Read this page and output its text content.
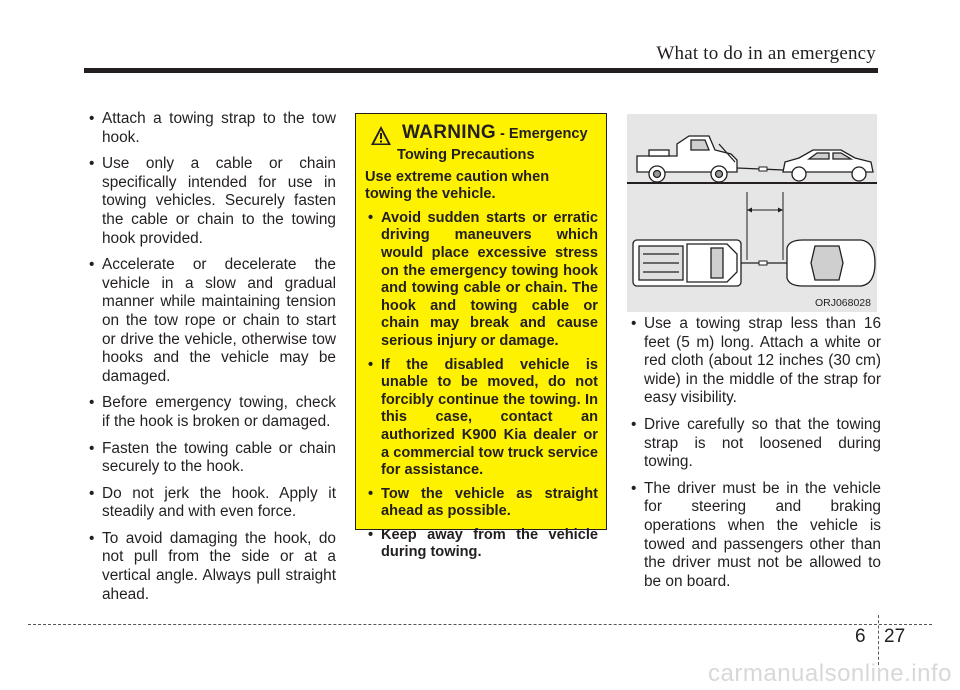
What to do in an emergency
• Attach a towing strap to the tow hook.
• Use only a cable or chain specifically intended for use in towing vehicles. Securely fasten the cable or chain to the towing hook provided.
• Accelerate or decelerate the vehicle in a slow and gradual manner while maintaining tension on the tow rope or chain to start or drive the vehicle, otherwise tow hooks and the vehicle may be damaged.
• Before emergency towing, check if the hook is broken or damaged.
• Fasten the towing cable or chain securely to the hook.
• Do not jerk the hook. Apply it steadily and with even force.
• To avoid damaging the hook, do not pull from the side or at a vertical angle. Always pull straight ahead.
WARNING - Emergency
Towing Precautions
Use extreme caution when towing the vehicle.
• Avoid sudden starts or erratic driving maneuvers which would place excessive stress on the emergency towing hook and towing cable or chain. The hook and towing cable or chain may break and cause serious injury or damage.
• If the disabled vehicle is unable to be moved, do not forcibly continue the towing. In this case, contact an authorized K900 Kia dealer or a commercial tow truck service for assistance.
• Tow the vehicle as straight ahead as possible.
• Keep away from the vehicle during towing.
ORJ068028
• Use a towing strap less than 16 feet (5 m) long. Attach a white or red cloth (about 12 inches (30 cm) wide) in the middle of the strap for easy visibility.
• Drive carefully so that the towing strap is not loosened during towing.
• The driver must be in the vehicle for steering and braking operations when the vehicle is towed and passengers other than the driver must not be allowed to be on board.
6 27
carmanualsonline.info
